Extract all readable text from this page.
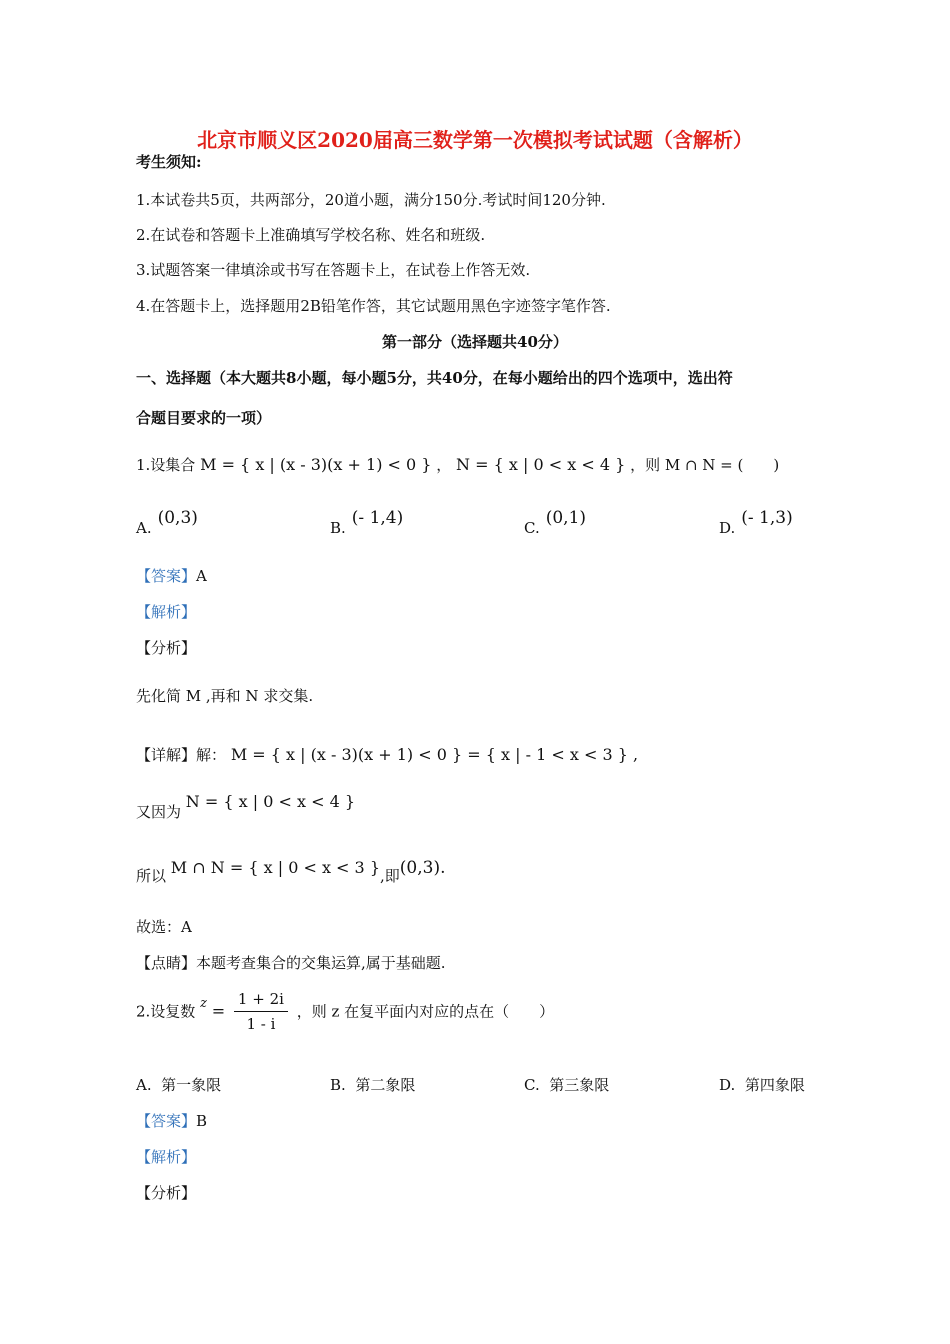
北京市顺义区2020届高三数学第一次模拟考试试题（含解析）
考生须知:
1.本试卷共5页，共两部分，20道小题，满分150分.考试时间120分钟.
2.在试卷和答题卡上准确填写学校名称、姓名和班级.
3.试题答案一律填涂或书写在答题卡上，在试卷上作答无效.
4.在答题卡上，选择题用2B铅笔作答，其它试题用黑色字迹签字笔作答.
第一部分（选择题共40分）
一、选择题（本大题共8小题，每小题5分，共40分，在每小题给出的四个选项中，选出符
合题目要求的一项）
1.设集合 M = { x | (x - 3)(x + 1) < 0 } ， N = { x | 0 < x < 4 } ，则 M ∩ N = (　　)
A. (0,3)	B. (- 1,4)	C. (0,1)	D. (- 1,3)
【答案】A
【解析】
【分析】
先化简 M ,再和 N 求交集.
【详解】解： M = { x | (x - 3)(x + 1) < 0 } = { x | - 1 < x < 3 } ,
又因为 N = { x | 0 < x < 4 }
所以 M ∩ N = { x | 0 < x < 3 },即(0,3).
故选：A
【点睛】本题考查集合的交集运算,属于基础题.
2.设复数 $z = \frac{1 + 2i}{1 - i}$ ，则 z 在复平面内对应的点在（　　）
A. 第一象限	B. 第二象限	C. 第三象限	D. 第四象限
【答案】B
【解析】
【分析】
